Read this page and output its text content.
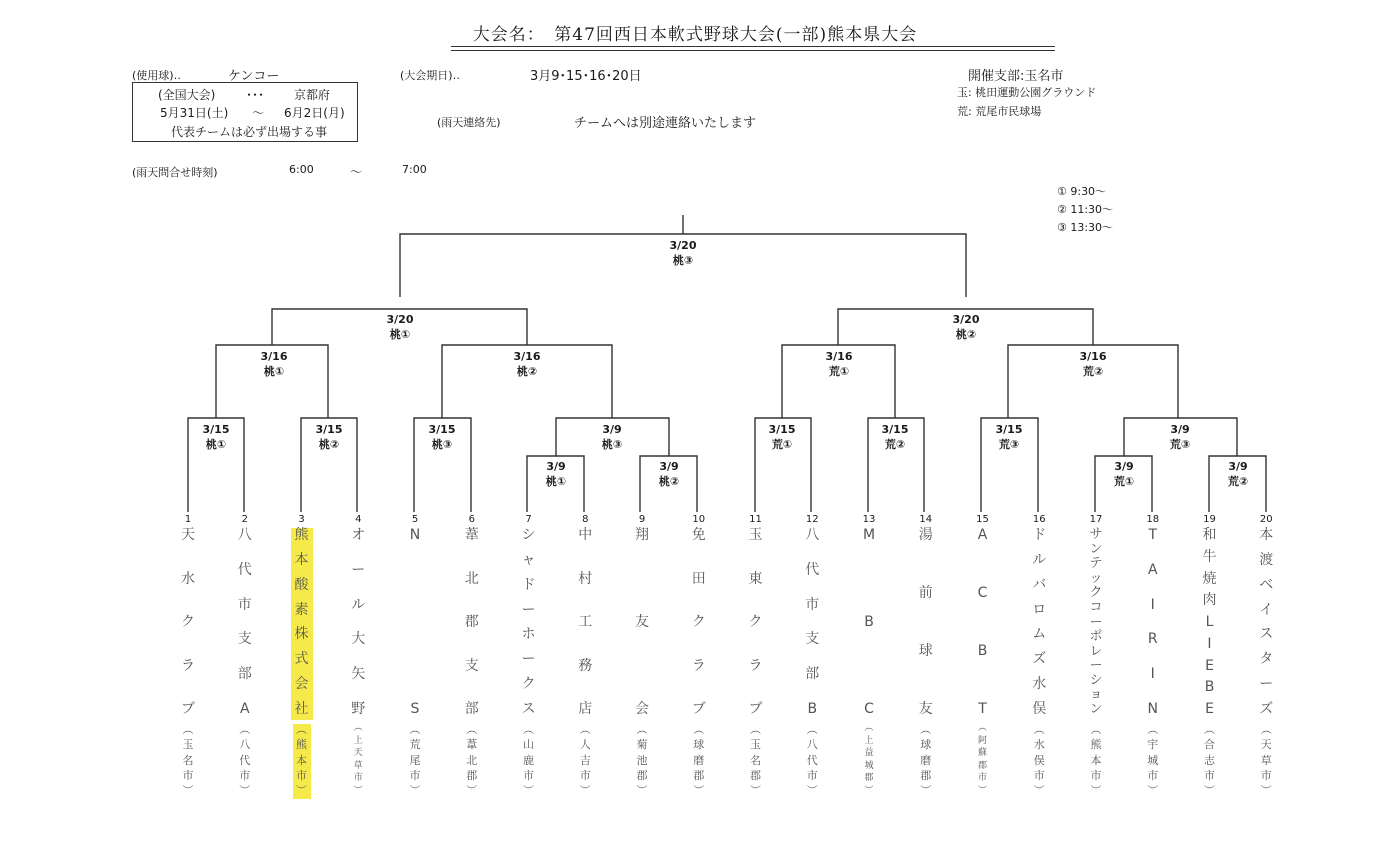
大会名：　第47回西日本軟式野球大会(一部)熊本県大会
(使用球)‥	ケンコー
(全国大会)	･･･ 京都府
5月31日(土) ～ 6月2日(月)
代表チームは必ず出場する事
(大会期日)‥	3月9･15･16･20日
(雨天連絡先)	チームへは別途連絡いたします
開催支部:玉名市
玉: 桃田運動公園グラウンド
荒: 荒尾市民球場
(雨天問合せ時刻)	6:00	～	7:00
① 9:30～
② 11:30～
③ 13:30～
3/20
桃③
3/20
桃①
3/20
桃②
3/16
桃①
3/16
桃②
3/16
荒①
3/16
荒②
3/15
桃①
3/15
桃②
3/15
桃③
3/9
桃③
3/15
荒①
3/15
荒②
3/15
荒③
3/9
荒③
3/9
桃①
3/9
桃②
3/9
荒①
3/9
荒②
1
天
水
ク
ラ
ブ
︵
玉
名
市
︶
2
八
代
市
支
部
A
︵
八
代
市
︶
3
熊
本
酸
素
株
式
会
社
︵
熊
本
市
︶
4
オ
ー
ル
大
矢
野
︵
上
天
草
市
︶
5
N
S
︵
荒
尾
市
︶
6
葦
北
郡
支
部
︵
葦
北
郡
︶
7
シ
ャ
ド
ー
ホ
ー
ク
ス
︵
山
鹿
市
︶
8
中
村
工
務
店
︵
人
吉
市
︶
9
翔
友
会
︵
菊
池
郡
︶
10
免
田
ク
ラ
ブ
︵
球
磨
郡
︶
11
玉
東
ク
ラ
ブ
︵
玉
名
郡
︶
12
八
代
市
支
部
B
︵
八
代
市
︶
13
M
B
C
︵
上
益
城
郡
︶
14
湯
前
球
友
︵
球
磨
郡
︶
15
A
C
B
T
︵
阿
蘇
郡
市
︶
16
ド
ル
バ
ロ
ム
ズ
水
俣
︵
水
俣
市
︶
17
サ
ン
テ
ッ
ク
コ
ー
ポ
レ
ー
シ
ョ
ン
︵
熊
本
市
︶
18
T
A
I
R
I
N
︵
宇
城
市
︶
19
和
牛
焼
肉
L
I
E
B
E
︵
合
志
市
︶
20
本
渡
ベ
イ
ス
タ
ー
ズ
︵
天
草
市
︶
